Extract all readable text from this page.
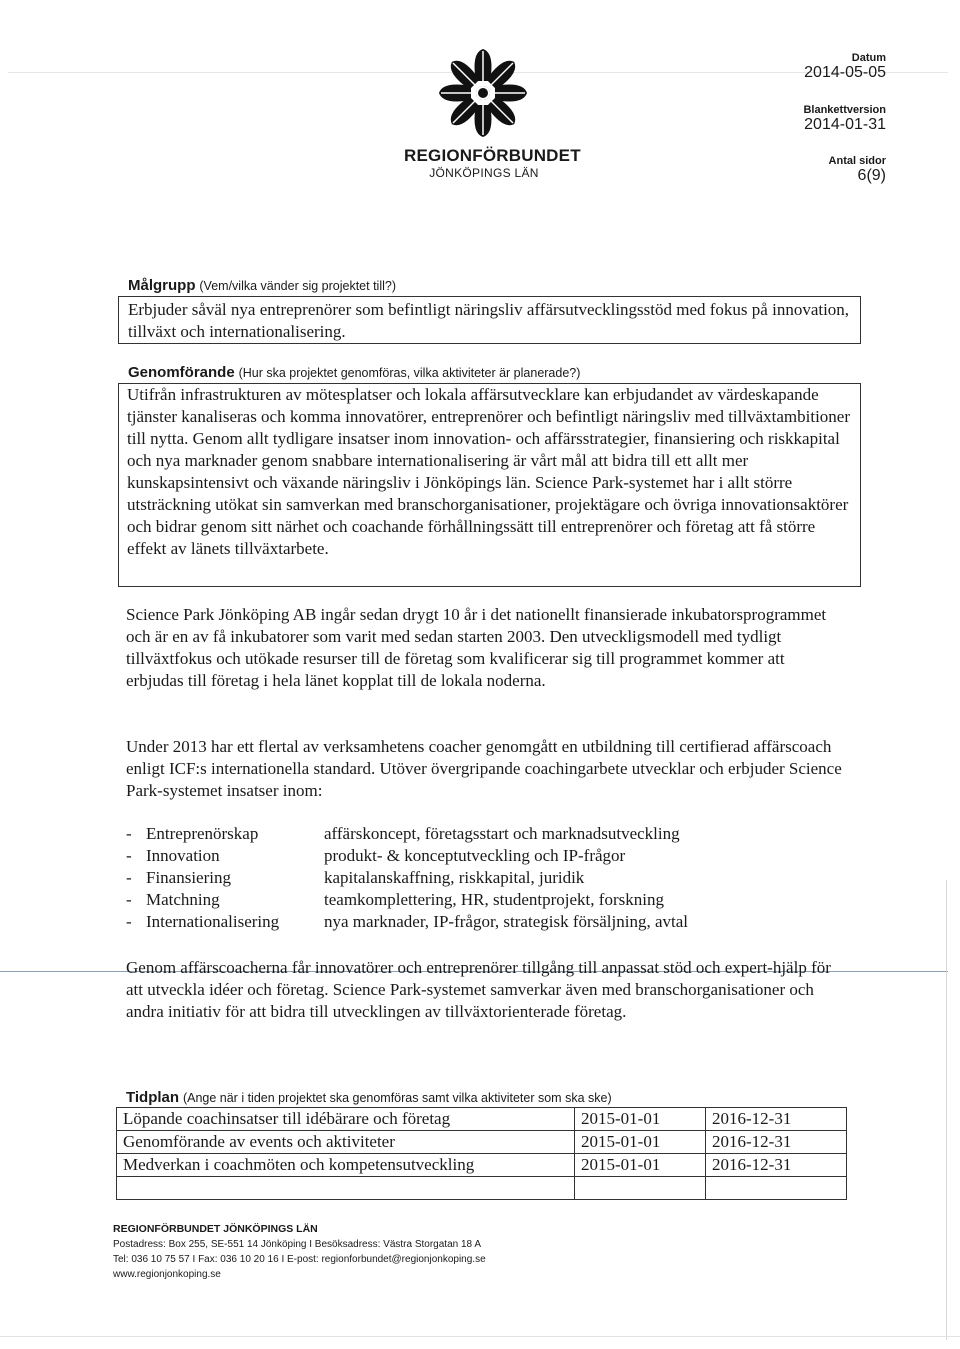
REGIONFÖRBUNDET
JÖNKÖPINGS LÄN
Datum
2014-05-05
Blankettversion
2014-01-31
Antal sidor
6(9)
Målgrupp (Vem/vilka vänder sig projektet till?)

Erbjuder såväl nya entreprenörer som befintligt näringsliv affärsutvecklingsstöd med fokus på innovation, tillväxt och internationalisering.

Genomförande (Hur ska projektet genomföras, vilka aktiviteter är planerade?)

Utifrån infrastrukturen av mötesplatser och lokala affärsutvecklare kan erbjudandet av värdeskapande tjänster kanaliseras och komma innovatörer, entreprenörer och befintligt näringsliv med tillväxtambitioner till nytta. Genom allt tydligare insatser inom innovation- och affärsstrategier, finansiering och riskkapital och nya marknader genom snabbare internationalisering är vårt mål att bidra till ett allt mer kunskapsintensivt och växande näringsliv i Jönköpings län. Science Park-systemet har i allt större utsträckning utökat sin samverkan med branschorganisationer, projektägare och övriga innovationsaktörer och bidrar genom sitt närhet och coachande förhållningssätt till entreprenörer och företag att få större effekt av länets tillväxtarbete.

Science Park Jönköping AB ingår sedan drygt 10 år i det nationellt finansierade inkubatorsprogrammet och är en av få inkubatorer som varit med sedan starten 2003. Den utveckligsmodell med tydligt tillväxtfokus och utökade resurser till de företag som kvalificerar sig till programmet kommer att erbjudas till företag i hela länet kopplat till de lokala noderna.

Under 2013 har ett flertal av verksamhetens coacher genomgått en utbildning till certifierad affärscoach enligt ICF:s internationella standard. Utöver övergripande coachingarbete utvecklar och erbjuder Science Park-systemet insatser inom:

- Entreprenörskap	affärskoncept, företagsstart och marknadsutveckling
- Innovation	produkt- & konceptutveckling och IP-frågor
- Finansiering	kapitalanskaffning, riskkapital, juridik
- Matchning	teamkomplettering, HR, studentprojekt, forskning
- Internationalisering	nya marknader, IP-frågor, strategisk försäljning, avtal

Genom affärscoacherna får innovatörer och entreprenörer tillgång till anpassat stöd och expert-hjälp för att utveckla idéer och företag. Science Park-systemet samverkar även med branschorganisationer och andra initiativ för att bidra till utvecklingen av tillväxtorienterade företag.

Tidplan (Ange när i tiden projektet ska genomföras samt vilka aktiviteter som ska ske)
Löpande coachinsatser till idébärare och företag	2015-01-01	2016-12-31
Genomförande av events och aktiviteter	2015-01-01	2016-12-31
Medverkan i coachmöten och kompetensutveckling	2015-01-01	2016-12-31

REGIONFÖRBUNDET JÖNKÖPINGS LÄN
Postadress: Box 255, SE-551 14 Jönköping I Besöksadress: Västra Storgatan 18 A
Tel: 036 10 75 57 I Fax: 036 10 20 16 I E-post: regionforbundet@regionjonkoping.se
www.regionjonkoping.se
